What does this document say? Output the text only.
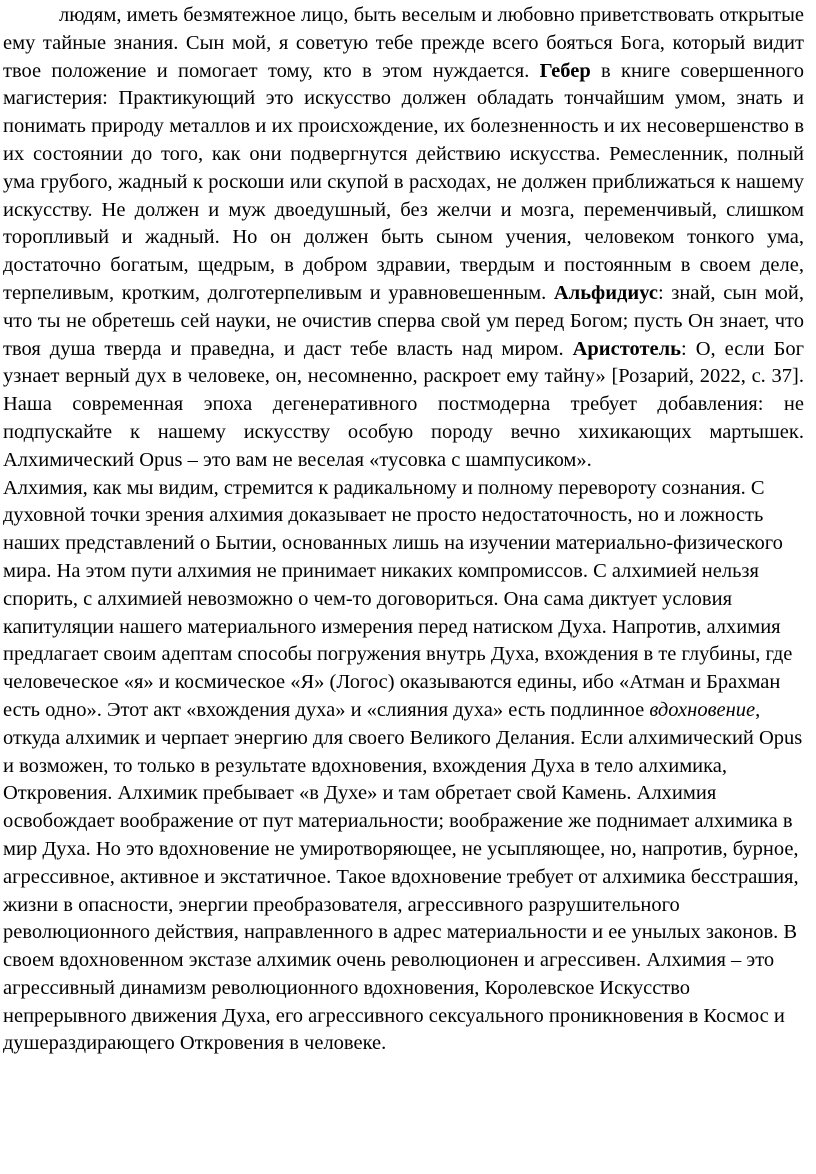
людям, иметь безмятежное лицо, быть веселым и любовно приветствовать открытые ему тайные знания. Сын мой, я советую тебе прежде всего бояться Бога, который видит твое положение и помогает тому, кто в этом нуждается. Гебер в книге совершенного магистерия: Практикующий это искусство должен обладать тончайшим умом, знать и понимать природу металлов и их происхождение, их болезненность и их несовершенство в их состоянии до того, как они подвергнутся действию искусства. Ремесленник, полный ума грубого, жадный к роскоши или скупой в расходах, не должен приближаться к нашему искусству. Не должен и муж двоедушный, без желчи и мозга, переменчивый, слишком торопливый и жадный. Но он должен быть сыном учения, человеком тонкого ума, достаточно богатым, щедрым, в добром здравии, твердым и постоянным в своем деле, терпеливым, кротким, долготерпеливым и уравновешенным. Альфидиус: знай, сын мой, что ты не обретешь сей науки, не очистив сперва свой ум перед Богом; пусть Он знает, что твоя душа тверда и праведна, и даст тебе власть над миром. Аристотель: О, если Бог узнает верный дух в человеке, он, несомненно, раскроет ему тайну» [Розарий, 2022, с. 37]. Наша современная эпоха дегенеративного постмодерна требует добавления: не подпускайте к нашему искусству особую породу вечно хихикающих мартышек. Алхимический Opus – это вам не веселая «тусовка с шампусиком».

Алхимия, как мы видим, стремится к радикальному и полному перевороту сознания. С духовной точки зрения алхимия доказывает не просто недостаточность, но и ложность наших представлений о Бытии, основанных лишь на изучении материально-физического мира. На этом пути алхимия не принимает никаких компромиссов. С алхимией нельзя спорить, с алхимией невозможно о чем-то договориться. Она сама диктует условия капитуляции нашего материального измерения перед натиском Духа. Напротив, алхимия предлагает своим адептам способы погружения внутрь Духа, вхождения в те глубины, где человеческое «я» и космическое «Я» (Логос) оказываются едины, ибо «Атман и Брахман есть одно». Этот акт «вхождения духа» и «слияния духа» есть подлинное вдохновение, откуда алхимик и черпает энергию для своего Великого Делания. Если алхимический Opus и возможен, то только в результате вдохновения, вхождения Духа в тело алхимика, Откровения. Алхимик пребывает «в Духе» и там обретает свой Камень. Алхимия освобождает воображение от пут материальности; воображение же поднимает алхимика в мир Духа. Но это вдохновение не умиротворяющее, не усыпляющее, но, напротив, бурное, агрессивное, активное и экстатичное. Такое вдохновение требует от алхимика бесстрашия, жизни в опасности, энергии преобразователя, агрессивного разрушительного революционного действия, направленного в адрес материальности и ее унылых законов. В своем вдохновенном экстазе алхимик очень революционен и агрессивен. Алхимия – это агрессивный динамизм революционного вдохновения, Королевское Искусство непрерывного движения Духа, его агрессивного сексуального проникновения в Космос и душераздирающего Откровения в человеке.
